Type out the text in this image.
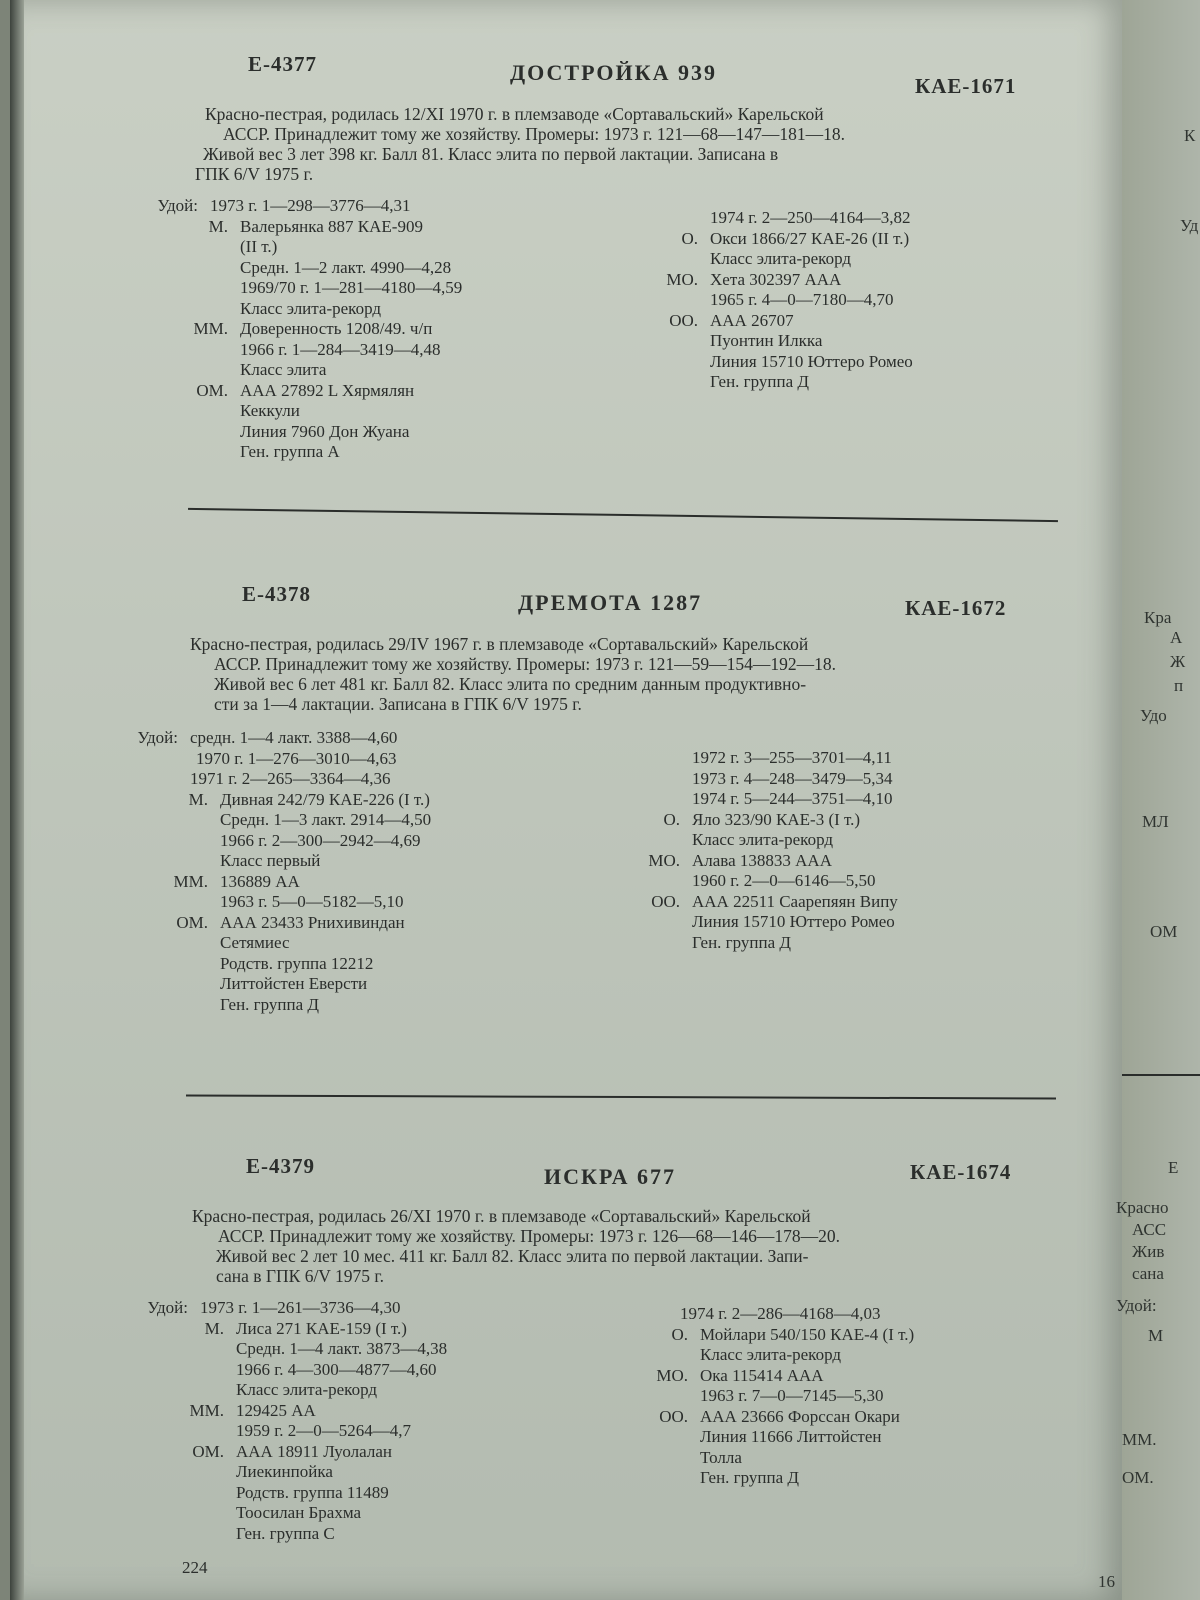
Е-4377	ДОСТРОЙКА 939
КАЕ-1671
Красно-пестрая, родилась 12/XI 1970 г. в племзаводе «Сортавальский» Карельской
АССР. Принадлежит тому же хозяйству. Промеры: 1973 г. 121—68—147—181—18.
Живой вес 3 лет 398 кг. Балл 81. Класс элита по первой лактации. Записана в
ГПК 6/V 1975 г.
Удой: 1973 г. 1—298—3776—4,31
М. Валерьянка 887 КАЕ-909
(II т.)
Средн. 1—2 лакт. 4990—4,28
1969/70 г. 1—281—4180—4,59
Класс элита-рекорд
ММ. Доверенность 1208/49. ч/п
1966 г. 1—284—3419—4,48
Класс элита
ОМ. ААА 27892 L Хярмялян
Кеккули
Линия 7960 Дон Жуана
Ген. группа А
1974 г. 2—250—4164—3,82
О. Окси 1866/27 КАЕ-26 (II т.)
Класс элита-рекорд
МО. Хета 302397 ААА
1965 г. 4—0—7180—4,70
ОО. ААА 26707
Пуонтин Илкка
Линия 15710 Юттеро Ромео
Ген. группа Д
Е-4378	ДРЕМОТА 1287	КАЕ-1672
Красно-пестрая, родилась 29/IV 1967 г. в племзаводе «Сортавальский» Карельской
АССР. Принадлежит тому же хозяйству. Промеры: 1973 г. 121—59—154—192—18.
Живой вес 6 лет 481 кг. Балл 82. Класс элита по средним данным продуктивно-
сти за 1—4 лактации. Записана в ГПК 6/V 1975 г.
Удой: средн. 1—4 лакт. 3388—4,60
1970 г. 1—276—3010—4,63
1971 г. 2—265—3364—4,36
М. Дивная 242/79 КАЕ-226 (I т.)
Средн. 1—3 лакт. 2914—4,50
1966 г. 2—300—2942—4,69
Класс первый
ММ. 136889 АА
1963 г. 5—0—5182—5,10
ОМ. ААА 23433 Рнихивиндан
Сетямиес
Родств. группа 12212
Литтойстен Еверсти
Ген. группа Д
1972 г. 3—255—3701—4,11
1973 г. 4—248—3479—5,34
1974 г. 5—244—3751—4,10
О. Яло 323/90 КАЕ-3 (I т.)
Класс элита-рекорд
МО. Алава 138833 ААА
1960 г. 2—0—6146—5,50
ОО. ААА 22511 Саарепяян Випу
Линия 15710 Юттеро Ромео
Ген. группа Д
Е-4379	ИСКРА 677	КАЕ-1674
Красно-пестрая, родилась 26/XI 1970 г. в племзаводе «Сортавальский» Карельской
АССР. Принадлежит тому же хозяйству. Промеры: 1973 г. 126—68—146—178—20.
Живой вес 2 лет 10 мес. 411 кг. Балл 82. Класс элита по первой лактации. Запи-
сана в ГПК 6/V 1975 г.
Удой: 1973 г. 1—261—3736—4,30
М. Лиса 271 КАЕ-159 (I т.)
Средн. 1—4 лакт. 3873—4,38
1966 г. 4—300—4877—4,60
Класс элита-рекорд
ММ. 129425 АА
1959 г. 2—0—5264—4,7
ОМ. ААА 18911 Луолалан
Лиекинпойка
Родств. группа 11489
Тоосилан Брахма
Ген. группа С
1974 г. 2—286—4168—4,03
О. Мойлари 540/150 КАЕ-4 (I т.)
Класс элита-рекорд
МО. Ока 115414 ААА
1963 г. 7—0—7145—5,30
ОО. ААА 23666 Форссан Окари
Линия 11666 Литтойстен
Толла
Ген. группа Д
224
К
Уд
Кра
А
Ж
п
Удо
МЛ
ОМ
Е
Красно
АСС
Жив
сана
Удой:
М
ММ.
ОМ.
16
